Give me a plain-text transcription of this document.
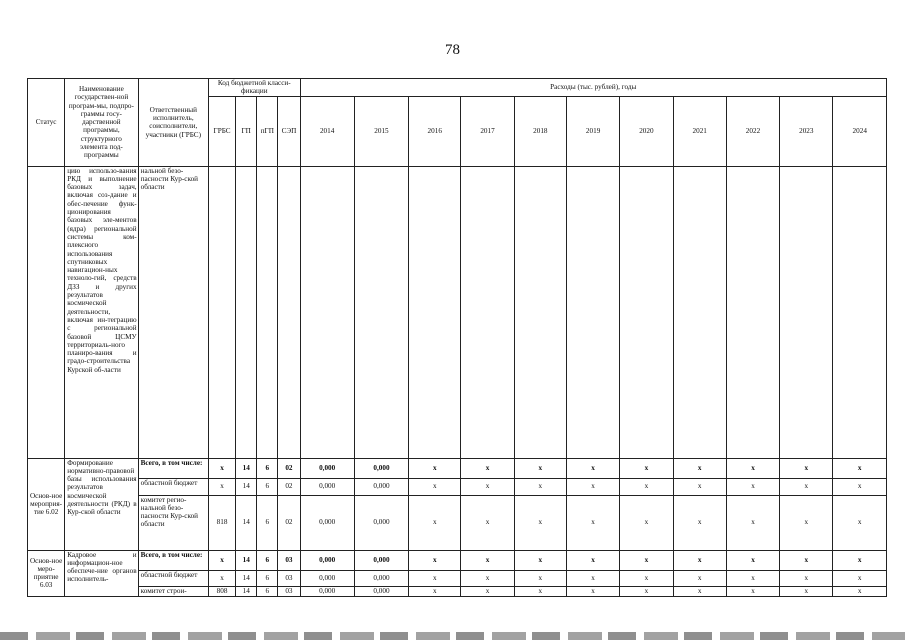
78
Статус	Наименование государствен-ной програм-мы, подпро-граммы госу-дарственной программы, структурного элемента под-программы	Ответственный исполнитель, соисполнители, участники (ГРБС)	Код бюджетной класси-фикации				Расходы (тыс. рублей), годы										
			ГРБС	ГП	пГП	СЭП	2014	2015	2016	2017	2018	2019	2020	2021	2022	2023	2024
	цию использо-вания РКД и выполнение базовых задач, включая соз-дание и обес-печение функ-ционирования базовых эле-ментов (ядра) региональной системы ком-плексного использования спутниковых навигацион-ных техноло-гий, средств ДЗЗ и других результатов космической деятельности, включая ин-теграцию с региональной базовой ЦСМУ территориаль-ного планиро-вания и градо-строительства Курской об-ласти	нальной безо-пасности Кур-ской области															
Основ-ное мероприя-тие 6.02	Формирование нормативно-правовой базы использования результатов космической деятельности (РКД) в Кур-ской области	Всего, в том числе:	x	14	6	02	0,000	0,000	x	x	x	x	x	x	x	x	x
		областной бюджет	x	14	6	02	0,000	0,000	x	x	x	x	x	x	x	x	x
		комитет регио-нальной безо-пасности Кур-ской области	818	14	6	02	0,000	0,000	x	x	x	x	x	x	x	x	x
Основ-ное меро-приятие 6.03	Кадровое и информацион-ное обеспече-ние органов исполнитель-	Всего, в том числе:	x	14	6	03	0,000	0,000	x	x	x	x	x	x	x	x	x
		областной бюджет	x	14	6	03	0,000	0,000	x	x	x	x	x	x	x	x	x
		комитет строи-	808	14	6	03	0,000	0,000	x	x	x	x	x	x	x	x	x
